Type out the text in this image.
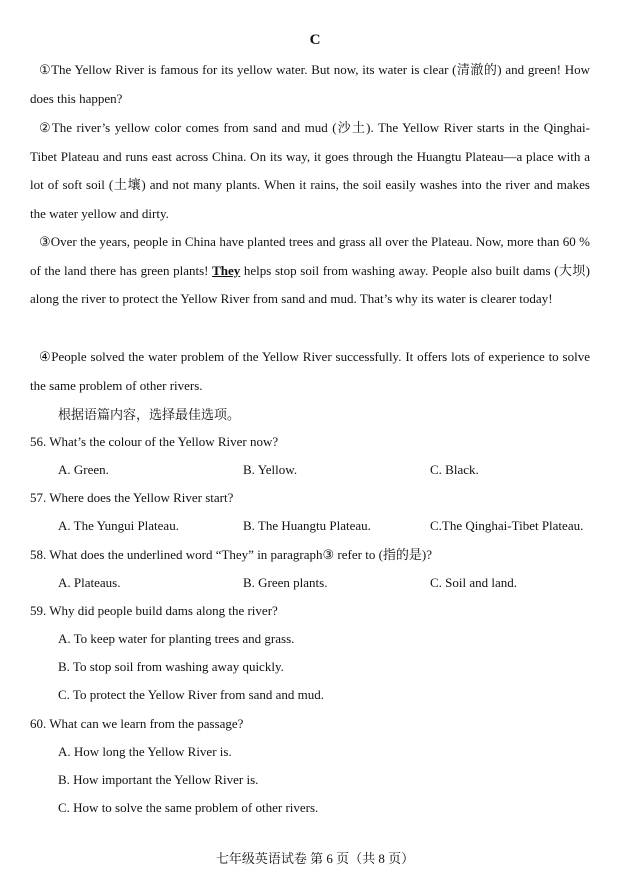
C
①The Yellow River is famous for its yellow water. But now, its water is clear (清澈的) and green! How does this happen?
②The river’s yellow color comes from sand and mud (沙土). The Yellow River starts in the Qinghai-Tibet Plateau and runs east across China. On its way, it goes through the Huangtu Plateau—a place with a lot of soft soil (土壤) and not many plants. When it rains, the soil easily washes into the river and makes the water yellow and dirty.
③Over the years, people in China have planted trees and grass all over the Plateau. Now, more than 60 % of the land there has green plants! They helps stop soil from washing away. People also built dams (大坝) along the river to protect the Yellow River from sand and mud. That’s why its water is clearer today!
④People solved the water problem of the Yellow River successfully. It offers lots of experience to solve the same problem of other rivers.
根据语篇内容，选择最佳选项。
56. What’s the colour of the Yellow River now?
A. Green.	B. Yellow.	C. Black.
57. Where does the Yellow River start?
A. The Yungui Plateau.	B. The Huangtu Plateau.	C.The Qinghai-Tibet Plateau.
58. What does the underlined word “They” in paragraph③ refer to (指的是)?
A. Plateaus.	B. Green plants.	C. Soil and land.
59. Why did people build dams along the river?
A. To keep water for planting trees and grass.
B. To stop soil from washing away quickly.
C. To protect the Yellow River from sand and mud.
60. What can we learn from the passage?
A. How long the Yellow River is.
B. How important the Yellow River is.
C. How to solve the same problem of other rivers.
七年级英语试卷 第 6 页（共 8 页）
